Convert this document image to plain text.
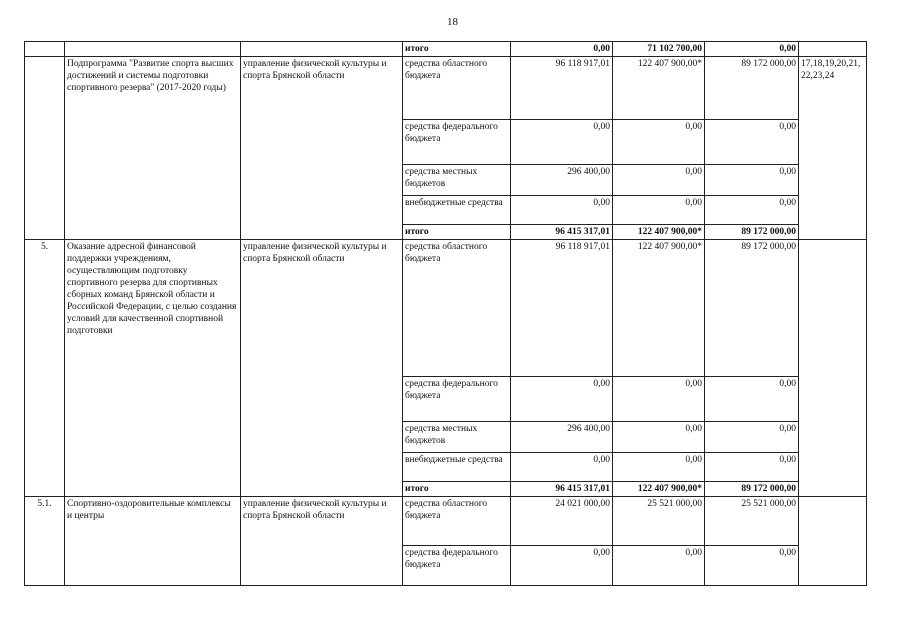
18
			итого	0,00	71 102 700,00	0,00	
	Подпрограмма "Развитие спорта высших достижений и системы подготовки спортивного резерва" (2017-2020 годы)	управление физической культуры и спорта Брянской области	средства областного бюджета	96 118 917,01	122 407 900,00*	89 172 000,00	17,18,19,20,21, 22,23,24
			средства федерального бюджета	0,00	0,00	0,00	
			средства местных бюджетов	296 400,00	0,00	0,00	
			внебюджетные средства	0,00	0,00	0,00	
			итого	96 415 317,01	122 407 900,00*	89 172 000,00	
5.	Оказание адресной финансовой поддержки учреждениям, осуществляющим подготовку спортивного резерва для спортивных сборных команд Брянской области и Российской Федерации, с целью создания условий для качественной спортивной подготовки	управление физической культуры и спорта Брянской области	средства областного бюджета	96 118 917,01	122 407 900,00*	89 172 000,00	
			средства федерального бюджета	0,00	0,00	0,00	
			средства местных бюджетов	296 400,00	0,00	0,00	
			внебюджетные средства	0,00	0,00	0,00	
			итого	96 415 317,01	122 407 900,00*	89 172 000,00	
5.1.	Спортивно-оздоровительные комплексы и центры	управление физической культуры и спорта Брянской области	средства областного бюджета	24 021 000,00	25 521 000,00	25 521 000,00	
			средства федерального бюджета	0,00	0,00	0,00	
